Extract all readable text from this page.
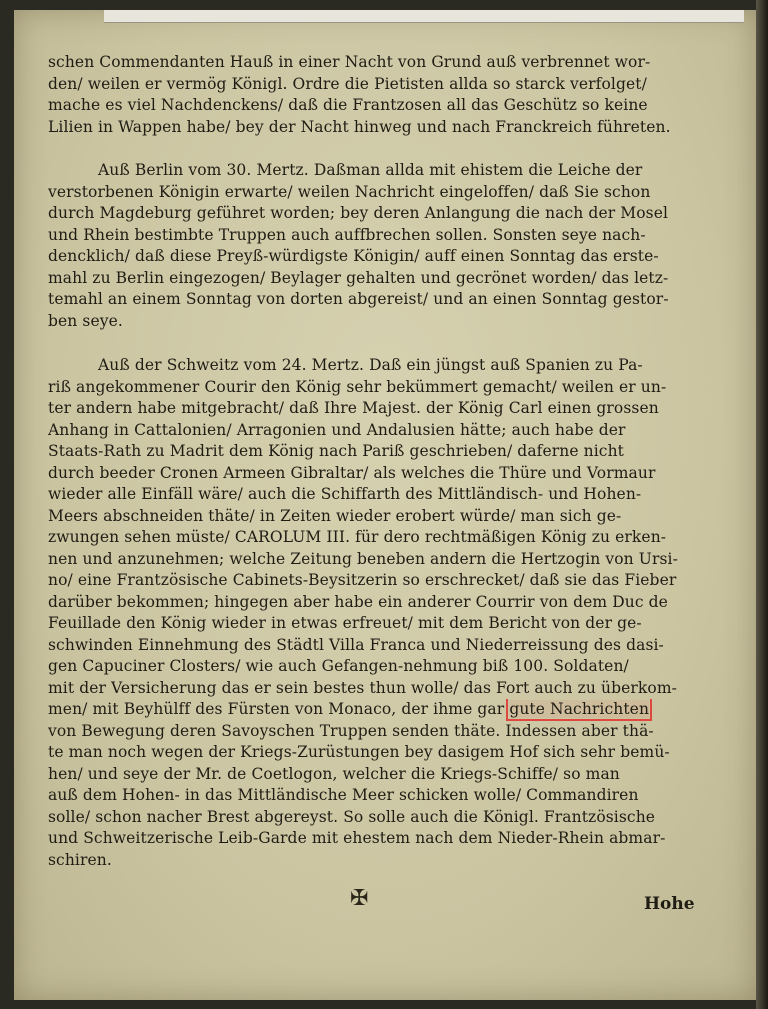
schen Commendanten Hauß in einer Nacht von Grund auß verbrennet wor-
den/ weilen er vermög Königl. Ordre die Pietisten allda so starck verfolget/
mache es viel Nachdenckens/ daß die Frantzosen all das Geschütz so keine
Lilien in Wappen habe/ bey der Nacht hinweg und nach Franckreich führeten.
Auß Berlin vom 30. Mertz. Daßman allda mit ehistem die Leiche der
verstorbenen Königin erwarte/ weilen Nachricht eingeloffen/ daß Sie schon
durch Magdeburg geführet worden; bey deren Anlangung die nach der Mosel
und Rhein bestimbte Truppen auch auffbrechen sollen. Sonsten seye nach-
dencklich/ daß diese Preyß-würdigste Königin/ auff einen Sonntag das erste-
mahl zu Berlin eingezogen/ Beylager gehalten und gecrönet worden/ das letz-
temahl an einem Sonntag von dorten abgereist/ und an einen Sonntag gestor-
ben seye.
Auß der Schweitz vom 24. Mertz. Daß ein jüngst auß Spanien zu Pa-
riß angekommener Courir den König sehr bekümmert gemacht/ weilen er un-
ter andern habe mitgebracht/ daß Ihre Majest. der König Carl einen grossen
Anhang in Cattalonien/ Arragonien und Andalusien hätte; auch habe der
Staats-Rath zu Madrit dem König nach Pariß geschrieben/ daferne nicht
durch beeder Cronen Armeen Gibraltar/ als welches die Thüre und Vormaur
wieder alle Einfäll wäre/ auch die Schiffarth des Mittländisch- und Hohen-
Meers abschneiden thäte/ in Zeiten wieder erobert würde/ man sich ge-
zwungen sehen müste/ CAROLUM III. für dero rechtmäßigen König zu erken-
nen und anzunehmen; welche Zeitung beneben andern die Hertzogin von Ursi-
no/ eine Frantzösische Cabinets-Beysitzerin so erschrecket/ daß sie das Fieber
darüber bekommen; hingegen aber habe ein anderer Courrir von dem Duc de
Feuillade den König wieder in etwas erfreuet/ mit dem Bericht von der ge-
schwinden Einnehmung des Städtl Villa Franca und Niederreissung des dasi-
gen Capuciner Closters/ wie auch Gefangen-nehmung biß 100. Soldaten/
mit der Versicherung das er sein bestes thun wolle/ das Fort auch zu überkom-
men/ mit Beyhülff des Fürsten von Monaco, der ihme gar gute Nachrichten
von Bewegung deren Savoyschen Truppen senden thäte. Indessen aber thä-
te man noch wegen der Kriegs-Zurüstungen bey dasigem Hof sich sehr bemü-
hen/ und seye der Mr. de Coetlogon, welcher die Kriegs-Schiffe/ so man
auß dem Hohen- in das Mittländische Meer schicken wolle/ Commandiren
solle/ schon nacher Brest abgereyst. So solle auch die Königl. Frantzösische
und Schweitzerische Leib-Garde mit ehestem nach dem Nieder-Rhein abmar-
schiren.
✠	Hohe
